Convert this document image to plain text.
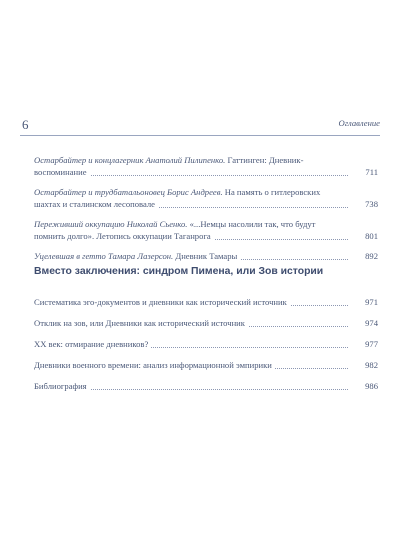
6	Оглавление
Остарбайтер и концлагерник Анатолий Пилипенко. Гаттинген: Дневник-
воспоминание	711
Остарбайтер и трудбатальоновец Борис Андреев. На память о гитлеровских
шахтах и сталинском лесоповале	738
Переживший оккупацию Николай Сьенко. «...Немцы насолили так, что будут
помнить долго». Летопись оккупации Таганрога	801
Уцелевшая в гетто Тамара Лазерсон. Дневник Тамары	892
Вместо заключения: синдром Пимена, или Зов истории
Систематика эго-документов и дневники как исторический источник	971
Отклик на зов, или Дневники как исторический источник	974
XX век: отмирание дневников?	977
Дневники военного времени: анализ информационной эмпирики	982
Библиография	986
